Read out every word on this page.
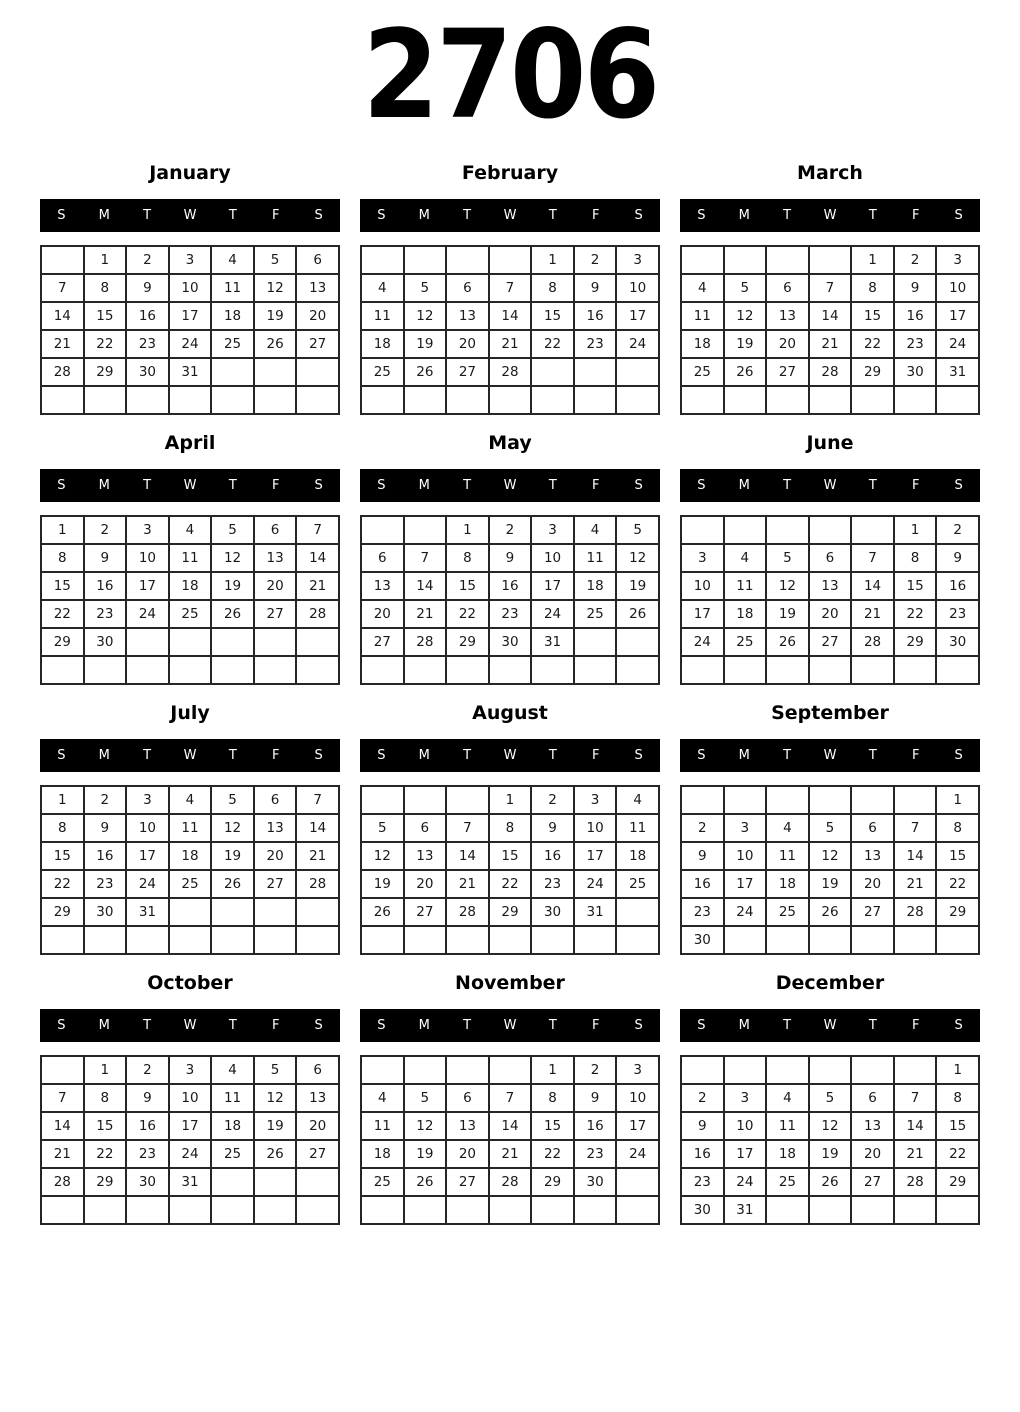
2706
January
S	M	T	W	T	F	S
	1	2	3	4	5	6
7	8	9	10	11	12	13
14	15	16	17	18	19	20
21	22	23	24	25	26	27
28	29	30	31			

February
S	M	T	W	T	F	S
				1	2	3
4	5	6	7	8	9	10
11	12	13	14	15	16	17
18	19	20	21	22	23	24
25	26	27	28			

March
S	M	T	W	T	F	S
				1	2	3
4	5	6	7	8	9	10
11	12	13	14	15	16	17
18	19	20	21	22	23	24
25	26	27	28	29	30	31

April
S	M	T	W	T	F	S
1	2	3	4	5	6	7
8	9	10	11	12	13	14
15	16	17	18	19	20	21
22	23	24	25	26	27	28
29	30					

May
S	M	T	W	T	F	S
		1	2	3	4	5
6	7	8	9	10	11	12
13	14	15	16	17	18	19
20	21	22	23	24	25	26
27	28	29	30	31		

June
S	M	T	W	T	F	S
					1	2
3	4	5	6	7	8	9
10	11	12	13	14	15	16
17	18	19	20	21	22	23
24	25	26	27	28	29	30

July
S	M	T	W	T	F	S
1	2	3	4	5	6	7
8	9	10	11	12	13	14
15	16	17	18	19	20	21
22	23	24	25	26	27	28
29	30	31				

August
S	M	T	W	T	F	S
			1	2	3	4
5	6	7	8	9	10	11
12	13	14	15	16	17	18
19	20	21	22	23	24	25
26	27	28	29	30	31	

September
S	M	T	W	T	F	S
						1
2	3	4	5	6	7	8
9	10	11	12	13	14	15
16	17	18	19	20	21	22
23	24	25	26	27	28	29
30						
October
S	M	T	W	T	F	S
	1	2	3	4	5	6
7	8	9	10	11	12	13
14	15	16	17	18	19	20
21	22	23	24	25	26	27
28	29	30	31			

November
S	M	T	W	T	F	S
				1	2	3
4	5	6	7	8	9	10
11	12	13	14	15	16	17
18	19	20	21	22	23	24
25	26	27	28	29	30	

December
S	M	T	W	T	F	S
						1
2	3	4	5	6	7	8
9	10	11	12	13	14	15
16	17	18	19	20	21	22
23	24	25	26	27	28	29
30	31					
